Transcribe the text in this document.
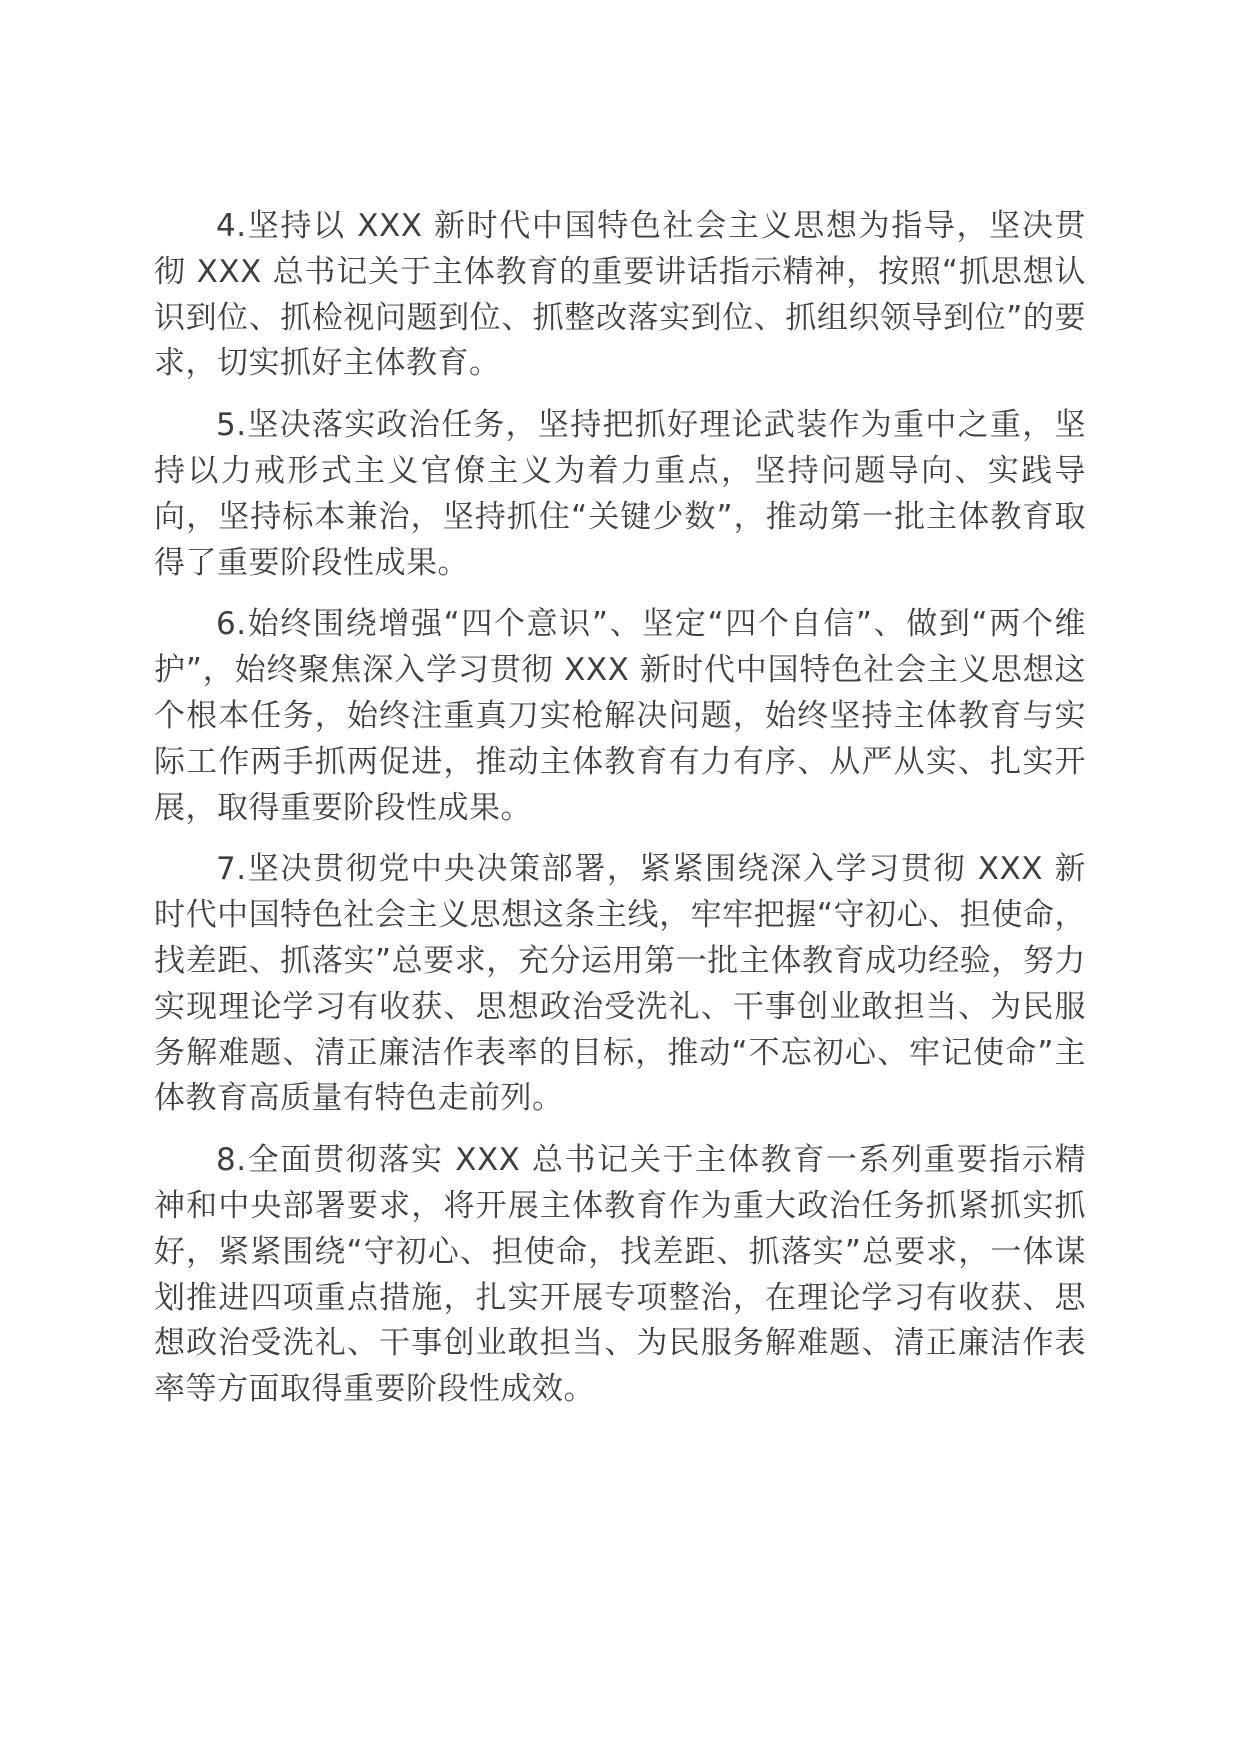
4.坚持以 XXX 新时代中国特色社会主义思想为指导，坚决贯彻 XXX 总书记关于主体教育的重要讲话指示精神，按照“抓思想认识到位、抓检视问题到位、抓整改落实到位、抓组织领导到位”的要求，切实抓好主体教育。

5.坚决落实政治任务，坚持把抓好理论武装作为重中之重，坚持以力戒形式主义官僚主义为着力重点，坚持问题导向、实践导向，坚持标本兼治，坚持抓住“关键少数”，推动第一批主体教育取得了重要阶段性成果。

6.始终围绕增强“四个意识”、坚定“四个自信”、做到“两个维护”，始终聚焦深入学习贯彻 XXX 新时代中国特色社会主义思想这个根本任务，始终注重真刀实枪解决问题，始终坚持主体教育与实际工作两手抓两促进，推动主体教育有力有序、从严从实、扎实开展，取得重要阶段性成果。

7.坚决贯彻党中央决策部署，紧紧围绕深入学习贯彻 XXX 新时代中国特色社会主义思想这条主线，牢牢把握“守初心、担使命，找差距、抓落实”总要求，充分运用第一批主体教育成功经验，努力实现理论学习有收获、思想政治受洗礼、干事创业敢担当、为民服务解难题、清正廉洁作表率的目标，推动“不忘初心、牢记使命”主体教育高质量有特色走前列。

8.全面贯彻落实 XXX 总书记关于主体教育一系列重要指示精神和中央部署要求，将开展主体教育作为重大政治任务抓紧抓实抓好，紧紧围绕“守初心、担使命，找差距、抓落实”总要求，一体谋划推进四项重点措施，扎实开展专项整治，在理论学习有收获、思想政治受洗礼、干事创业敢担当、为民服务解难题、清正廉洁作表率等方面取得重要阶段性成效。
